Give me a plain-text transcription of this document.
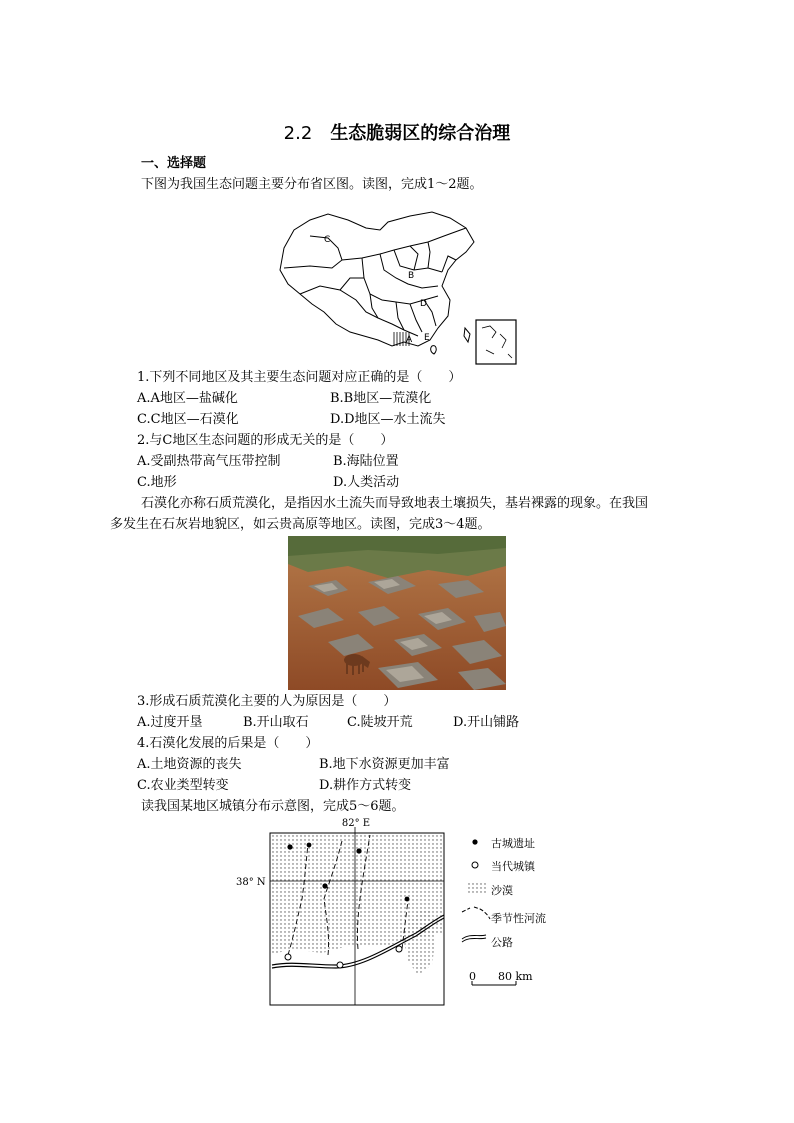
2.2 生态脆弱区的综合治理
一、选择题
下图为我国生态问题主要分布省区图。读图，完成1～2题。
C
B
D
A E
1.下列不同地区及其主要生态问题对应正确的是（　　）
A.A地区—盐碱化	B.B地区—荒漠化
C.C地区—石漠化	D.D地区—水土流失
2.与C地区生态问题的形成无关的是（　　）
A.受副热带高气压带控制	B.海陆位置
C.地形	D.人类活动
石漠化亦称石质荒漠化，是指因水土流失而导致地表土壤损失，基岩裸露的现象。在我国
多发生在石灰岩地貌区，如云贵高原等地区。读图，完成3～4题。
3.形成石质荒漠化主要的人为原因是（　　）
A.过度开垦	B.开山取石	C.陡坡开荒	D.开山铺路
4.石漠化发展的后果是（　　）
A.土地资源的丧失	B.地下水资源更加丰富
C.农业类型转变	D.耕作方式转变
读我国某地区城镇分布示意图，完成5～6题。
82° E
38° N
古城遗址
当代城镇
沙漠
季节性河流
公路
0 80 km
